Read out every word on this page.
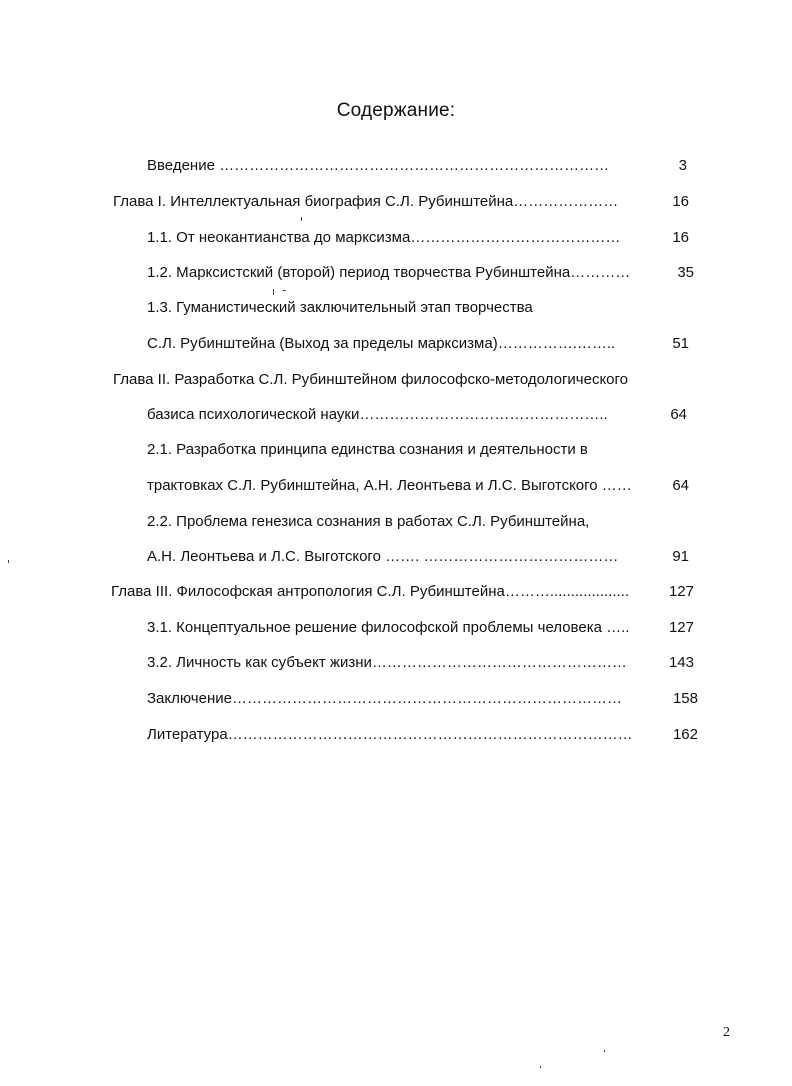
Содержание:
Введение ……………………………………………………………………	3
Глава I. Интеллектуальная биография С.Л. Рубинштейна…………………	16
1.1. От неокантианства до марксизма……………………………………	16
1.2. Марксистский (второй) период творчества Рубинштейна…………	35
1.3. Гуманистический заключительный этап творчества
С.Л. Рубинштейна (Выход за пределы марксизма)…………….……..	51
Глава II. Разработка С.Л. Рубинштейном философско-методологического
базиса психологической науки…………………………………………..	64
2.1. Разработка принципа единства сознания и деятельности в
трактовках С.Л. Рубинштейна, А.Н. Леонтьева и Л.С. Выготского ……	64
2.2. Проблема генезиса сознания в работах С.Л. Рубинштейна,
А.Н. Леонтьева и Л.С. Выготского ……. …………………………………	91
Глава III. Философская антропология С.Л. Рубинштейна………...................	127
3.1. Концептуальное решение философской проблемы человека …..	127
3.2. Личность как субъект жизни……………………………………………	143
Заключение……………………………………………………………………	158
Литература………………………………………………………………………	162
2
